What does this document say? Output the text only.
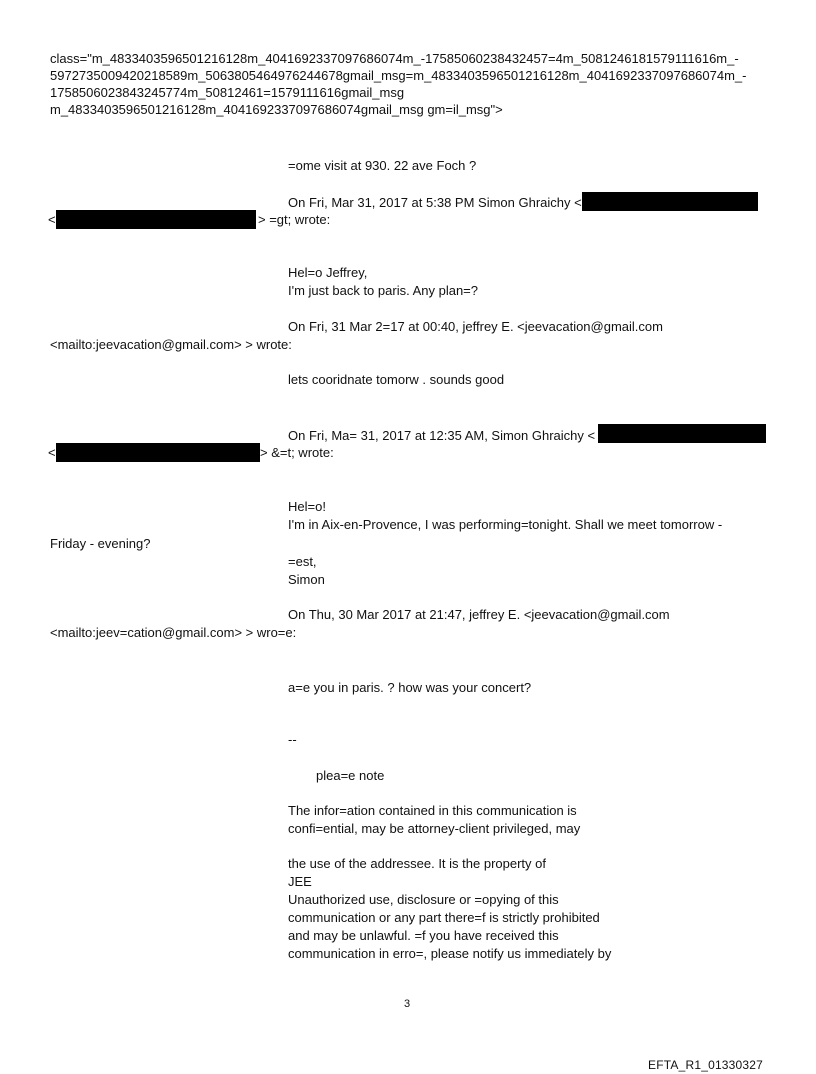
class="m_4833403596501216128m_4041692337097686074m_-17585060238432457=4m_5081246181579111616m_-
5972735009420218589m_5063805464976244678gmail_msg=m_4833403596501216128m_4041692337097686074m_-
1758506023843245774m_50812461=1579111616gmail_msg
m_4833403596501216128m_4041692337097686074gmail_msg gm=il_msg">
=ome visit at 930. 22 ave Foch ?
On Fri, Mar 31, 2017 at 5:38 PM Simon Ghraichy <
<	> =gt; wrote:
Hel=o Jeffrey,
I'm just back to paris. Any plan=?
On Fri, 31 Mar 2=17 at 00:40, jeffrey E. <jeevacation@gmail.com
<mailto:jeevacation@gmail.com> > wrote:
lets cooridnate tomorw . sounds good
On Fri, Ma= 31, 2017 at 12:35 AM, Simon Ghraichy <
<	> &=t; wrote:
Hel=o!
I'm in Aix-en-Provence, I was performing=tonight. Shall we meet tomorrow -
Friday - evening?
=est,
Simon
On Thu, 30 Mar 2017 at 21:47, jeffrey E. <jeevacation@gmail.com
<mailto:jeev=cation@gmail.com> > wro=e:
a=e you in paris. ? how was your concert?
--
plea=e note
The infor=ation contained in this communication is
confi=ential, may be attorney-client privileged, may
the use of the addressee. It is the property of
JEE
Unauthorized use, disclosure or =opying of this
communication or any part there=f is strictly prohibited
and may be unlawful. =f you have received this
communication in erro=, please notify us immediately by
3
EFTA_R1_01330327
